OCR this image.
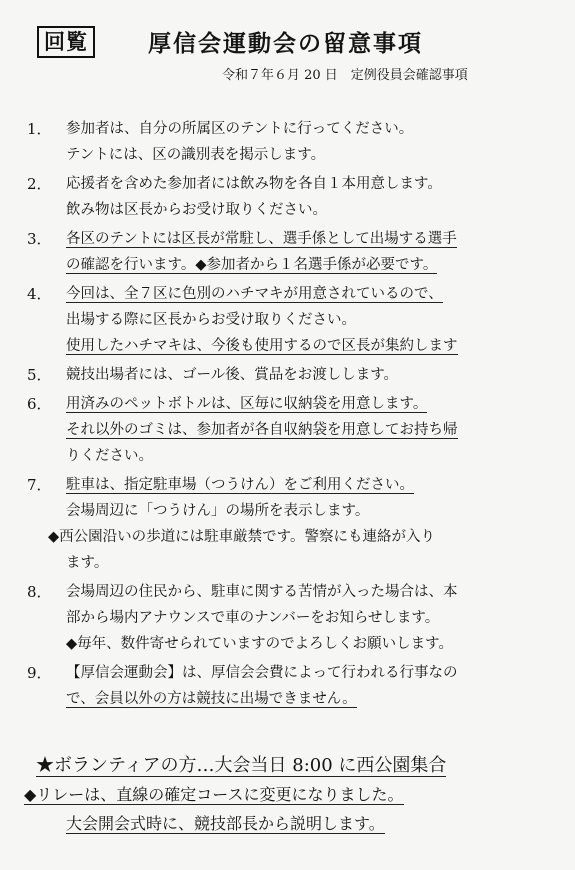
回覧	厚信会運動会の留意事項
令和７年６月 20 日　定例役員会確認事項
1． 参加者は、自分の所属区のテントに行ってください。
テントには、区の識別表を掲示します。
2． 応援者を含めた参加者には飲み物を各自１本用意します。
飲み物は区長からお受け取りください。
3． 各区のテントには区長が常駐し、選手係として出場する選手
の確認を行います。◆参加者から１名選手係が必要です。
4． 今回は、全７区に色別のハチマキが用意されているので、
出場する際に区長からお受け取りください。
使用したハチマキは、今後も使用するので区長が集約します
5． 競技出場者には、ゴール後、賞品をお渡しします。
6． 用済みのペットボトルは、区毎に収納袋を用意します。
それ以外のゴミは、参加者が各自収納袋を用意してお持ち帰
りください。
7． 駐車は、指定駐車場（つうけん）をご利用ください。
会場周辺に「つうけん」の場所を表示します。
◆西公園沿いの歩道には駐車厳禁です。警察にも連絡が入り
ます。
8． 会場周辺の住民から、駐車に関する苦情が入った場合は、本
部から場内アナウンスで車のナンバーをお知らせします。
◆毎年、数件寄せられていますのでよろしくお願いします。
9． 【厚信会運動会】は、厚信会会費によって行われる行事なの
で、会員以外の方は競技に出場できません。
★ボランティアの方…大会当日 8:00 に西公園集合
◆リレーは、直線の確定コースに変更になりました。
大会開会式時に、競技部長から説明します。
